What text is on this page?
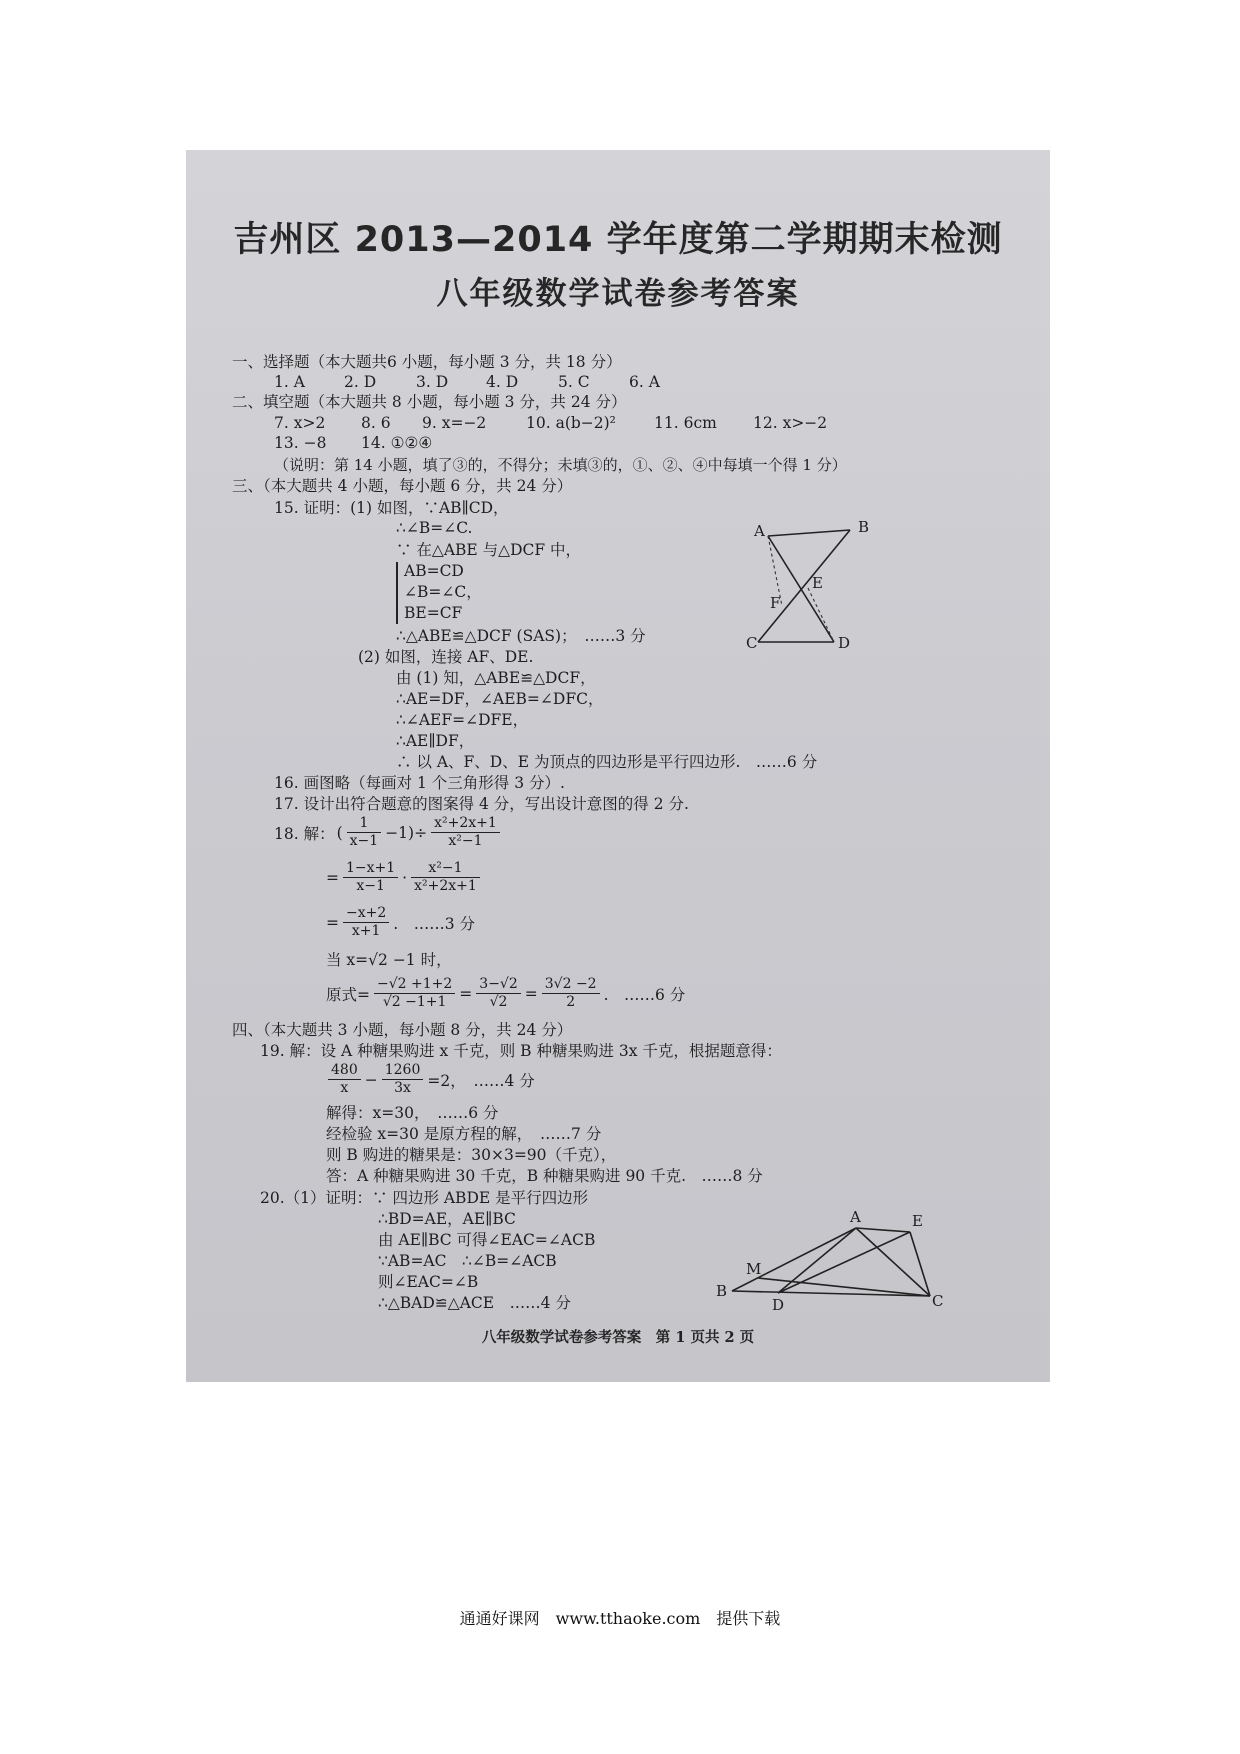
吉州区 2013—2014 学年度第二学期期末检测
八年级数学试卷参考答案
一、选择题（本大题共6 小题，每小题 3 分，共 18 分）
1. A	2. D	3. D 4. D	5. C	6. A
二、填空题（本大题共 8 小题，每小题 3 分，共 24 分）
7. x>2 8. 6 9. x=−2	10. a(b−2)² 11. 6cm 12. x>−2
13. −8 14. ①②④
（说明：第 14 小题，填了③的，不得分；未填③的，①、②、④中每填一个得 1 分）
三、（本大题共 4 小题，每小题 6 分，共 24 分）
15. 证明：(1) 如图，∵AB∥CD，
∴∠B=∠C.
∵ 在△ABE 与△DCF 中，
AB=CD
∠B=∠C，
BE=CF
∴△ABE≌△DCF (SAS)；　……3 分
(2) 如图，连接 AF、DE.
由 (1) 知，△ABE≌△DCF，
∴AE=DF，∠AEB=∠DFC，
∴∠AEF=∠DFE，
∴AE∥DF，
∴ 以 A、F、D、E 为顶点的四边形是平行四边形.　……6 分
A	B
E
F
C	D
16. 画图略（每画对 1 个三角形得 3 分）.
17. 设计出符合题意的图案得 4 分，写出设计意图的得 2 分.
18. 解： ( $\frac{1}{x-1} -1)\div \frac{\text{x²+2x+1}}{\text{x²−1}}$
= $\frac{1-x+1}{x-1} \cdot \frac{\text{x²−1}}{\text{x²+2x+1}}$
= $\frac{-x+2}{x+1}$ .　……3 分
当 x=√2 −1 时，
原式= $\frac{-√2 +1+2}{√2 -1+1} = \frac{3-√2}{√2} = \frac{3√2 -2}{2}$ .　……6 分
四、（本大题共 3 小题，每小题 8 分，共 24 分）
19. 解：设 A 种糖果购进 x 千克，则 B 种糖果购进 3x 千克，根据题意得：
$\frac{480}{x} - \frac{1260}{3x} =2$，　……4 分
解得：x=30，　……6 分
经检验 x=30 是原方程的解，　……7 分
则 B 购进的糖果是：30×3=90（千克），
答：A 种糖果购进 30 千克，B 种糖果购进 90 千克.　……8 分
20.（1）证明：∵ 四边形 ABDE 是平行四边形
∴BD=AE，AE∥BC
由 AE∥BC 可得∠EAC=∠ACB
∵AB=AC　∴∠B=∠ACB
则∠EAC=∠B
∴△BAD≌△ACE　……4 分
A	E
M
B
D	C
八年级数学试卷参考答案　第 1 页共 2 页
通通好课网　www.tthaoke.com　提供下载
